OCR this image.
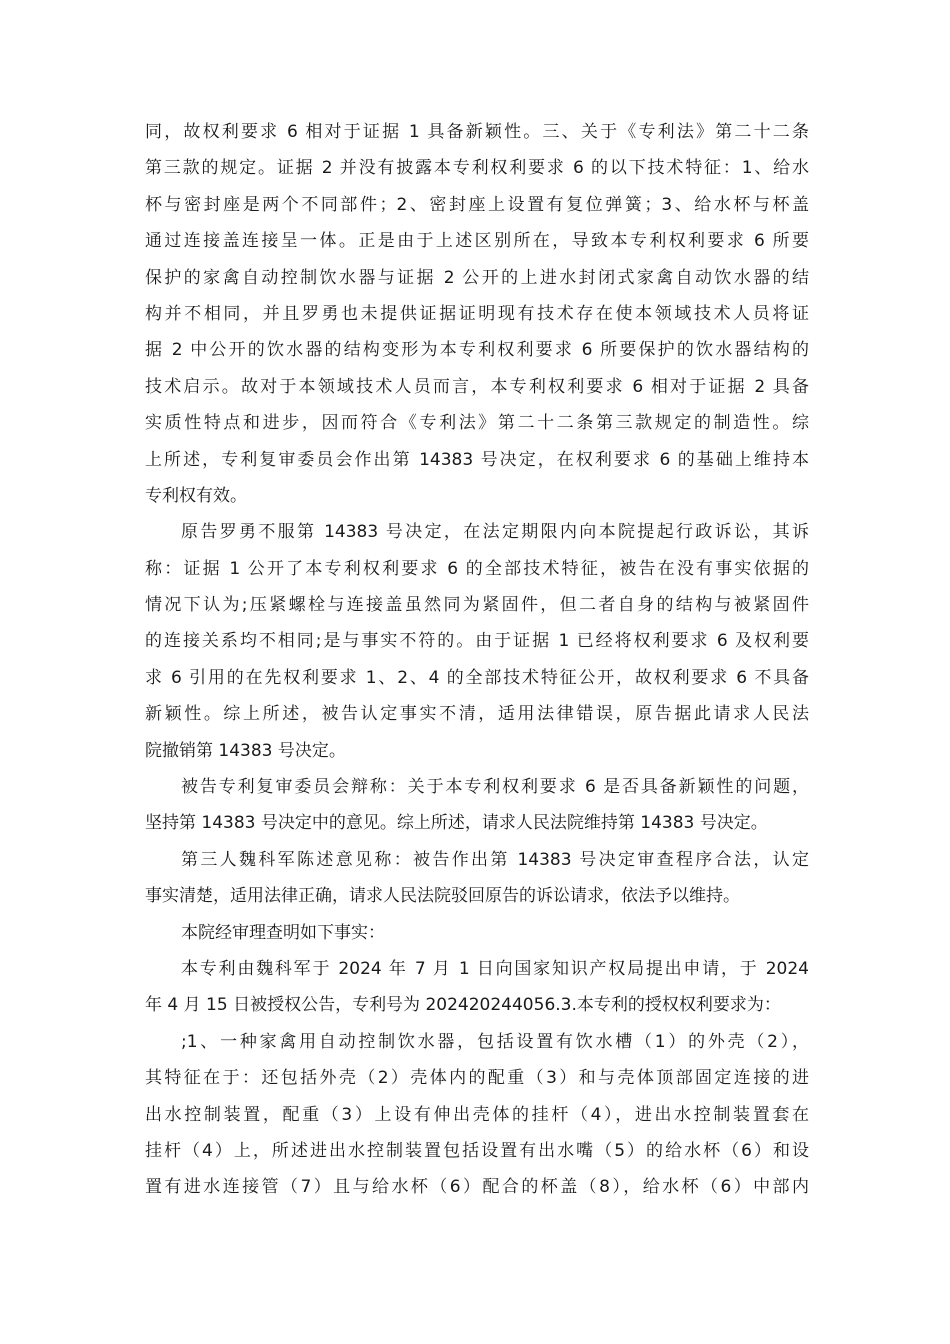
同，故权利要求 6 相对于证据 1 具备新颖性。三、关于《专利法》第二十二条
第三款的规定。证据 2 并没有披露本专利权利要求 6 的以下技术特征：1、给水
杯与密封座是两个不同部件；2、密封座上设置有复位弹簧；3、给水杯与杯盖
通过连接盖连接呈一体。正是由于上述区别所在，导致本专利权利要求 6 所要
保护的家禽自动控制饮水器与证据 2 公开的上进水封闭式家禽自动饮水器的结
构并不相同，并且罗勇也未提供证据证明现有技术存在使本领域技术人员将证
据 2 中公开的饮水器的结构变形为本专利权利要求 6 所要保护的饮水器结构的
技术启示。故对于本领域技术人员而言，本专利权利要求 6 相对于证据 2 具备
实质性特点和进步，因而符合《专利法》第二十二条第三款规定的制造性。综
上所述，专利复审委员会作出第 14383 号决定，在权利要求 6 的基础上维持本
专利权有效。
原告罗勇不服第 14383 号决定，在法定期限内向本院提起行政诉讼，其诉
称：证据 1 公开了本专利权利要求 6 的全部技术特征，被告在没有事实依据的
情况下认为;压紧螺栓与连接盖虽然同为紧固件，但二者自身的结构与被紧固件
的连接关系均不相同;是与事实不符的。由于证据 1 已经将权利要求 6 及权利要
求 6 引用的在先权利要求 1、2、4 的全部技术特征公开，故权利要求 6 不具备
新颖性。综上所述，被告认定事实不清，适用法律错误，原告据此请求人民法
院撤销第 14383 号决定。
被告专利复审委员会辩称：关于本专利权利要求 6 是否具备新颖性的问题，
坚持第 14383 号决定中的意见。综上所述，请求人民法院维持第 14383 号决定。
第三人魏科军陈述意见称：被告作出第 14383 号决定审查程序合法，认定
事实清楚，适用法律正确，请求人民法院驳回原告的诉讼请求，依法予以维持。
本院经审理查明如下事实：
本专利由魏科军于 2024 年 7 月 1 日向国家知识产权局提出申请，于 2024
年 4 月 15 日被授权公告，专利号为 202420244056.3.本专利的授权权利要求为：
;1、一种家禽用自动控制饮水器，包括设置有饮水槽（1）的外壳（2），
其特征在于：还包括外壳（2）壳体内的配重（3）和与壳体顶部固定连接的进
出水控制装置，配重（3）上设有伸出壳体的挂杆（4），进出水控制装置套在
挂杆（4）上，所述进出水控制装置包括设置有出水嘴（5）的给水杯（6）和设
置有进水连接管（7）且与给水杯（6）配合的杯盖（8），给水杯（6）中部内
